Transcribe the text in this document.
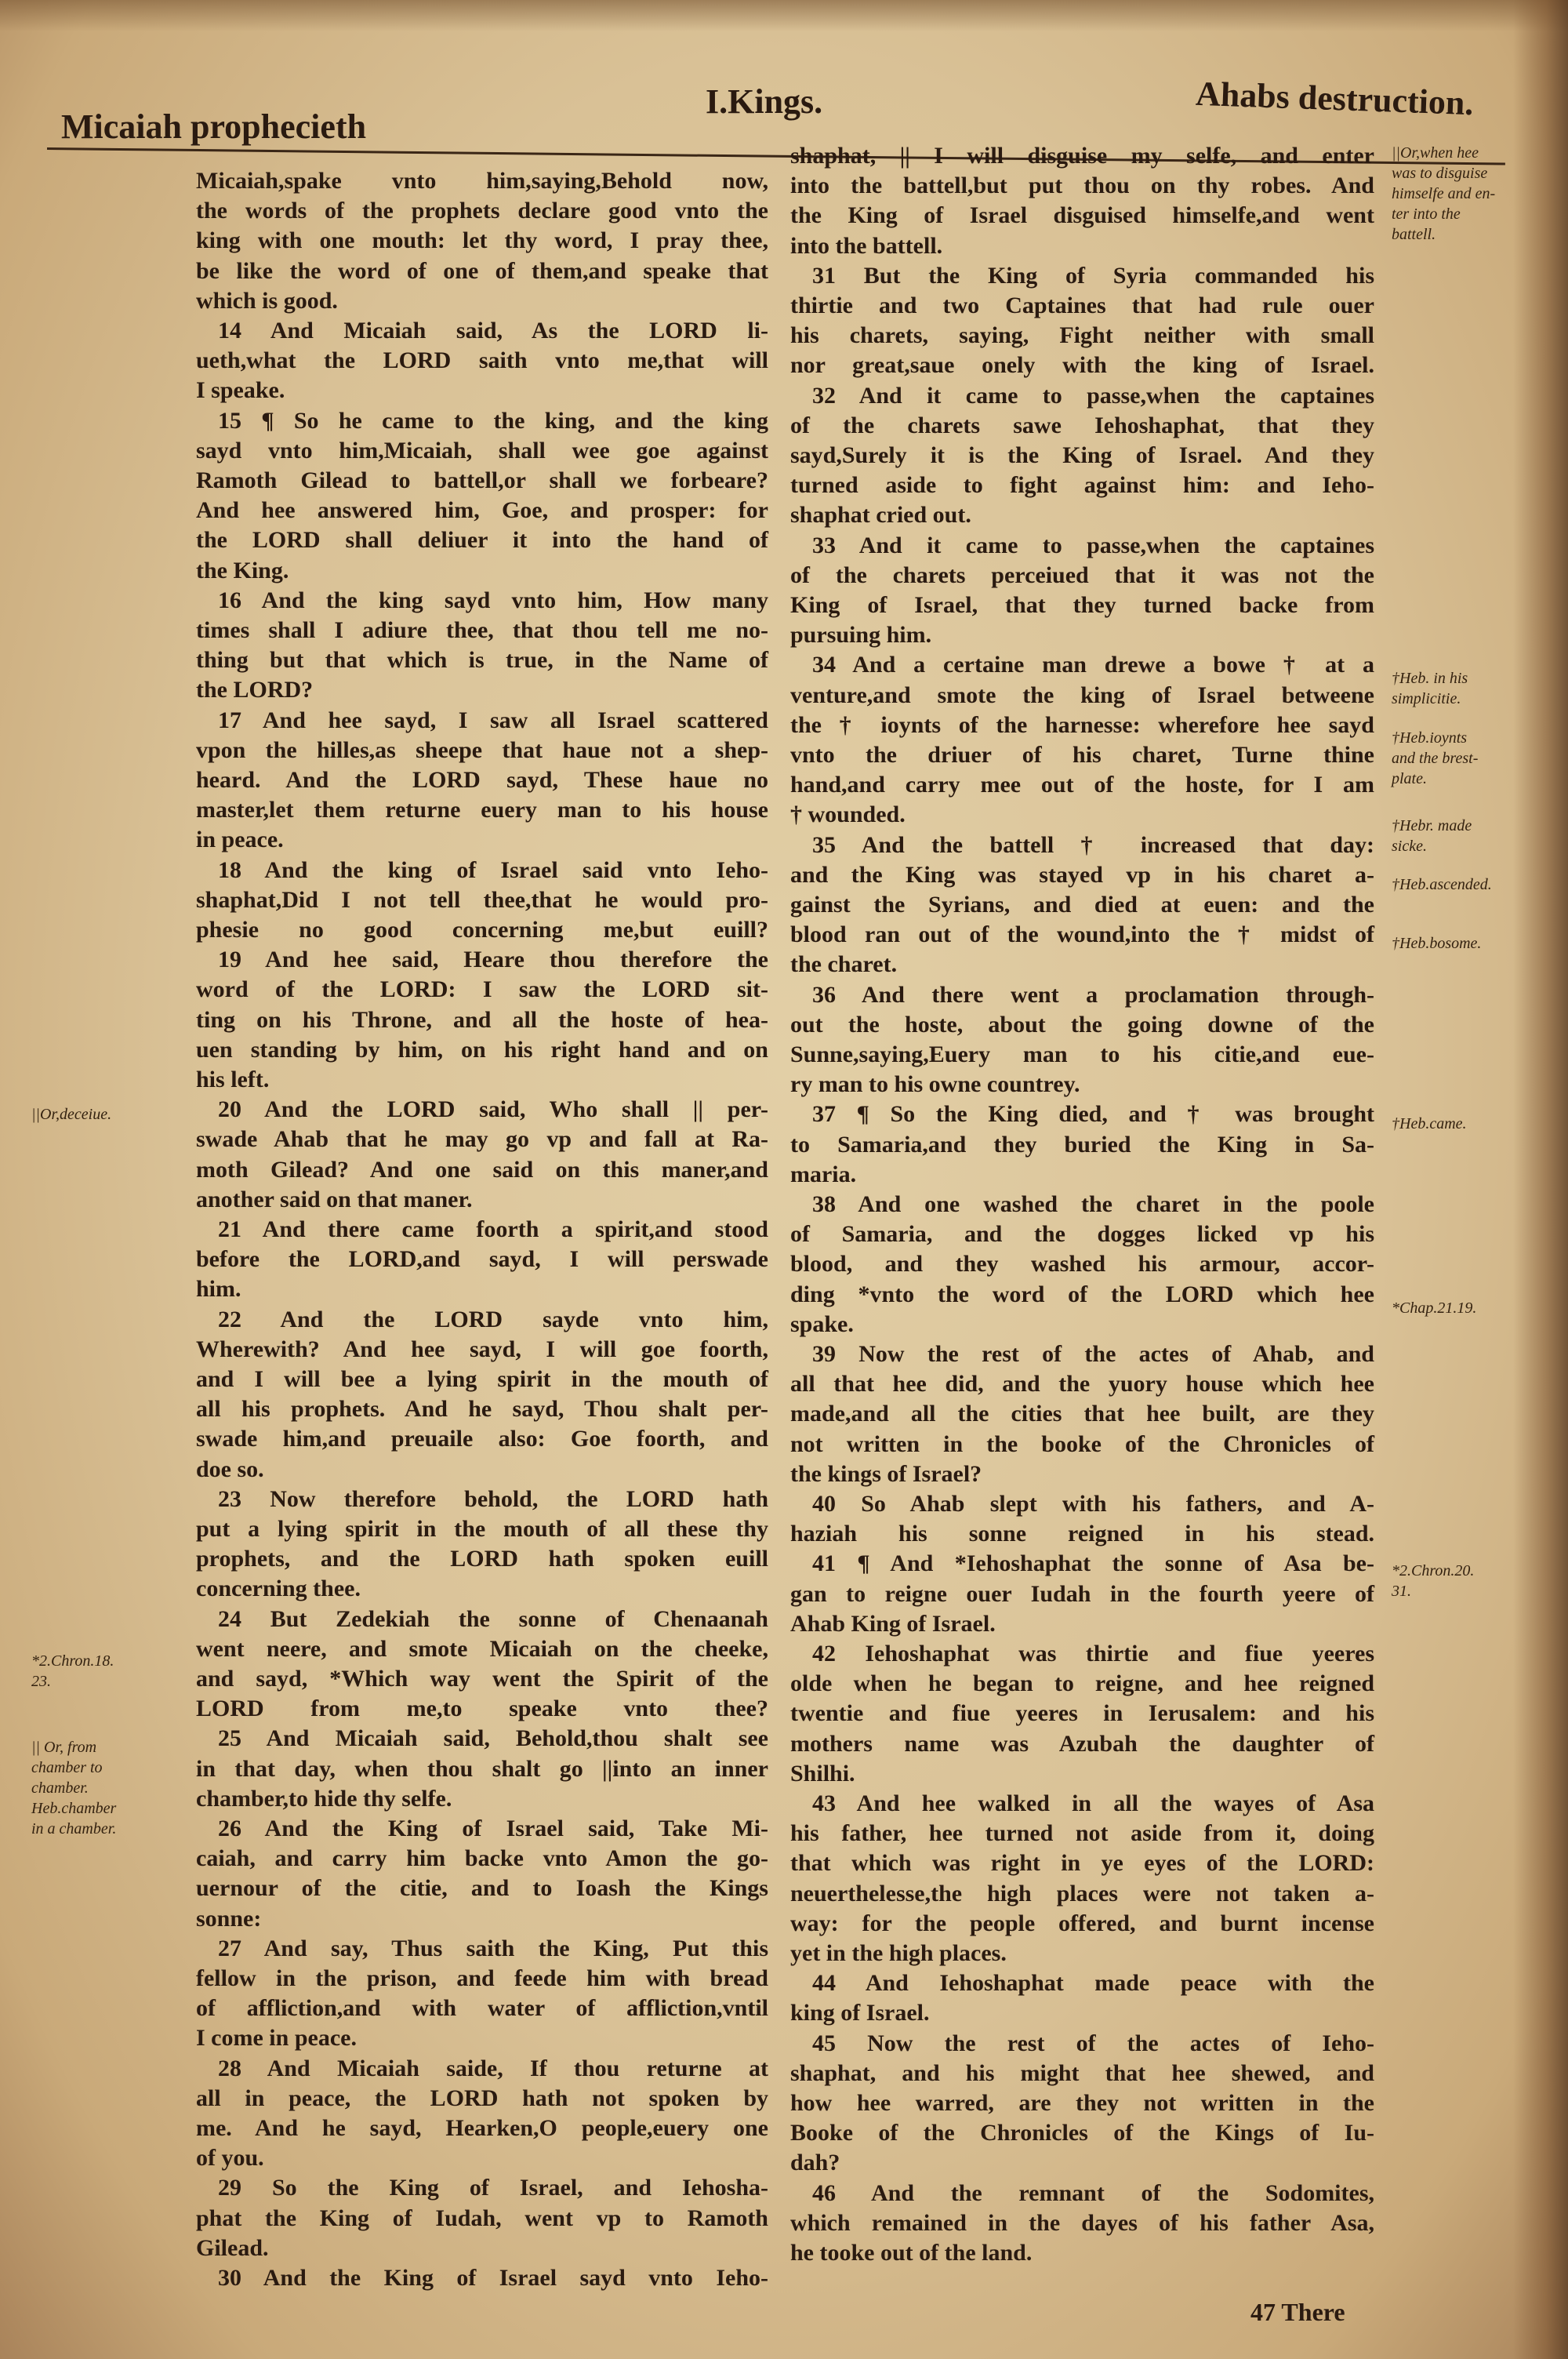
Micaiah prophecieth
I.Kings.	Ahabs destruction.
Micaiah,spake vnto him,saying,Behold now,
the words of the prophets declare good vnto the
king with one mouth: let thy word, I pray thee,
be like the word of one of them,and speake that
which is good.
14 And Micaiah said, As the LORD li-
ueth,what the LORD saith vnto me,that will
I speake.
15 ¶ So he came to the king, and the king
sayd vnto him,Micaiah, shall wee goe against
Ramoth Gilead to battell,or shall we forbeare?
And hee answered him, Goe, and prosper: for
the LORD shall deliuer it into the hand of
the King.
16 And the king sayd vnto him, How many
times shall I adiure thee, that thou tell me no-
thing but that which is true, in the Name of
the LORD?
17 And hee sayd, I saw all Israel scattered
vpon the hilles,as sheepe that haue not a shep-
heard. And the LORD sayd, These haue no
master,let them returne euery man to his house
in peace.
18 And the king of Israel said vnto Ieho-
shaphat,Did I not tell thee,that he would pro-
phesie no good concerning me,but euill?
19 And hee said, Heare thou therefore the
word of the LORD: I saw the LORD sit-
ting on his Throne, and all the hoste of hea-
uen standing by him, on his right hand and on
his left.
20 And the LORD said, Who shall || per-
swade Ahab that he may go vp and fall at Ra-
moth Gilead? And one said on this maner,and
another said on that maner.
21 And there came foorth a spirit,and stood
before the LORD,and sayd, I will perswade
him.
22 And the LORD sayde vnto him,
Wherewith? And hee sayd, I will goe foorth,
and I will bee a lying spirit in the mouth of
all his prophets. And he sayd, Thou shalt per-
swade him,and preuaile also: Goe foorth, and
doe so.
23 Now therefore behold, the LORD hath
put a lying spirit in the mouth of all these thy
prophets, and the LORD hath spoken euill
concerning thee.
24 But Zedekiah the sonne of Chenaanah
went neere, and smote Micaiah on the cheeke,
and sayd, *Which way went the Spirit of the
LORD from me,to speake vnto thee?
25 And Micaiah said, Behold,thou shalt see
in that day, when thou shalt go ||into an inner
chamber,to hide thy selfe.
26 And the King of Israel said, Take Mi-
caiah, and carry him backe vnto Amon the go-
uernour of the citie, and to Ioash the Kings
sonne:
27 And say, Thus saith the King, Put this
fellow in the prison, and feede him with bread
of affliction,and with water of affliction,vntil
I come in peace.
28 And Micaiah saide, If thou returne at
all in peace, the LORD hath not spoken by
me. And he sayd, Hearken,O people,euery one
of you.
29 So the King of Israel, and Iehosha-
phat the King of Iudah, went vp to Ramoth
Gilead.
30 And the King of Israel sayd vnto Ieho-
shaphat, || I will disguise my selfe, and enter
into the battell,but put thou on thy robes. And
the King of Israel disguised himselfe,and went
into the battell.
31 But the King of Syria commanded his
thirtie and two Captaines that had rule ouer
his charets, saying, Fight neither with small
nor great,saue onely with the king of Israel.
32 And it came to passe,when the captaines
of the charets sawe Iehoshaphat, that they
sayd,Surely it is the King of Israel. And they
turned aside to fight against him: and Ieho-
shaphat cried out.
33 And it came to passe,when the captaines
of the charets perceiued that it was not the
King of Israel, that they turned backe from
pursuing him.
34 And a certaine man drewe a bowe † at a
venture,and smote the king of Israel betweene
the † ioynts of the harnesse: wherefore hee sayd
vnto the driuer of his charet, Turne thine
hand,and carry mee out of the hoste, for I am
† wounded.
35 And the battell † increased that day:
and the King was stayed vp in his charet a-
gainst the Syrians, and died at euen: and the
blood ran out of the wound,into the † midst of
the charet.
36 And there went a proclamation through-
out the hoste, about the going downe of the
Sunne,saying,Euery man to his citie,and eue-
ry man to his owne countrey.
37 ¶ So the King died, and † was brought
to Samaria,and they buried the King in Sa-
maria.
38 And one washed the charet in the poole
of Samaria, and the dogges licked vp his
blood, and they washed his armour, accor-
ding *vnto the word of the LORD which hee
spake.
39 Now the rest of the actes of Ahab, and
all that hee did, and the yuory house which hee
made,and all the cities that hee built, are they
not written in the booke of the Chronicles of
the kings of Israel?
40 So Ahab slept with his fathers, and A-
haziah his sonne reigned in his stead.
41 ¶ And *Iehoshaphat the sonne of Asa be-
gan to reigne ouer Iudah in the fourth yeere of
Ahab King of Israel.
42 Iehoshaphat was thirtie and fiue yeeres
olde when he began to reigne, and hee reigned
twentie and fiue yeeres in Ierusalem: and his
mothers name was Azubah the daughter of
Shilhi.
43 And hee walked in all the wayes of Asa
his father, hee turned not aside from it, doing
that which was right in ye eyes of the LORD:
neuerthelesse,the high places were not taken a-
way: for the people offered, and burnt incense
yet in the high places.
44 And Iehoshaphat made peace with the
king of Israel.
45 Now the rest of the actes of Ieho-
shaphat, and his might that hee shewed, and
how hee warred, are they not written in the
Booke of the Chronicles of the Kings of Iu-
dah?
46 And the remnant of the Sodomites,
which remained in the dayes of his father Asa,
he tooke out of the land.
||Or,when hee
was to disguise
himselfe and en-
ter into the
battell.
†Heb. in his
simplicitie.
†Heb.ioynts
and the brest-
plate.
†Hebr. made
sicke.
†Heb.ascended.
†Heb.bosome.
†Heb.came.
*Chap.21.19.
*2.Chron.20.
31.
||Or,deceiue.
*2.Chron.18.
23.
|| Or, from
chamber to
chamber.
Heb.chamber
in a chamber.
47 There
